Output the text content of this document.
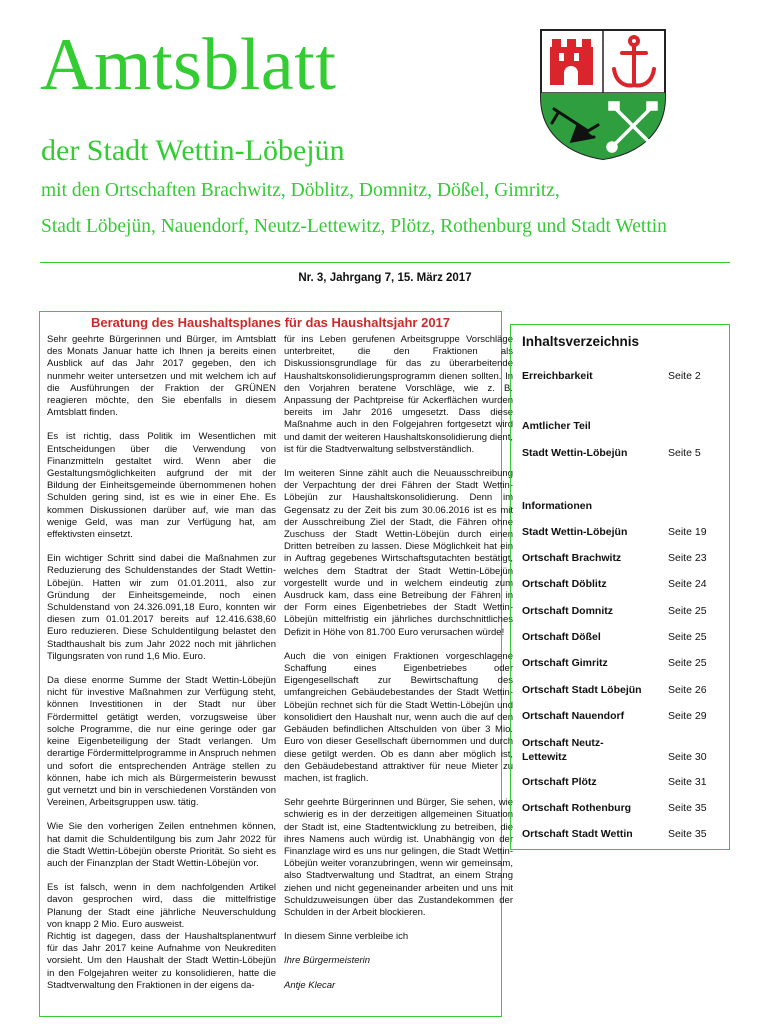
Amtsblatt
der Stadt Wettin-Löbejün
mit den Ortschaften Brachwitz, Döblitz, Domnitz, Dößel, Gimritz,
Stadt Löbejün, Nauendorf, Neutz-Lettewitz, Plötz, Rothenburg und Stadt Wettin
Nr. 3, Jahrgang 7, 15. März 2017
Beratung des Haushaltsplanes für das Haushaltsjahr 2017

Sehr geehrte Bürgerinnen und Bürger, im Amtsblatt des Monats Januar hatte ich Ihnen ja bereits einen Ausblick auf das Jahr 2017 gegeben, den ich nunmehr weiter untersetzen und mit welchem ich auf die Ausführungen der Fraktion der GRÜNEN reagieren möchte, den Sie ebenfalls in diesem Amtsblatt finden.

Es ist richtig, dass Politik im Wesentlichen mit Entscheidungen über die Verwendung von Finanzmitteln gestaltet wird. Wenn aber die Gestaltungsmöglichkeiten aufgrund der mit der Bildung der Einheitsgemeinde übernommenen hohen Schulden gering sind, ist es wie in einer Ehe. Es kommen Diskussionen darüber auf, wie man das wenige Geld, was man zur Verfügung hat, am effektivsten einsetzt.

Ein wichtiger Schritt sind dabei die Maßnahmen zur Reduzierung des Schuldenstandes der Stadt Wettin-Löbejün. Hatten wir zum 01.01.2011, also zur Gründung der Einheitsgemeinde, noch einen Schuldenstand von 24.326.091,18 Euro, konnten wir diesen zum 01.01.2017 bereits auf 12.416.638,60 Euro reduzieren. Diese Schuldentilgung belastet den Stadthaushalt bis zum Jahr 2022 noch mit jährlichen Tilgungsraten von rund 1,6 Mio. Euro.

Da diese enorme Summe der Stadt Wettin-Löbejün nicht für investive Maßnahmen zur Verfügung steht, können Investitionen in der Stadt nur über Fördermittel getätigt werden, vorzugsweise über solche Programme, die nur eine geringe oder gar keine Eigenbeteiligung der Stadt verlangen. Um derartige Fördermittelprogramme in Anspruch nehmen und sofort die entsprechenden Anträge stellen zu können, habe ich mich als Bürgermeisterin bewusst gut vernetzt und bin in verschiedenen Vorständen von Vereinen, Arbeitsgruppen usw. tätig.

Wie Sie den vorherigen Zeilen entnehmen können, hat damit die Schuldentilgung bis zum Jahr 2022 für die Stadt Wettin-Löbejün oberste Priorität. So sieht es auch der Finanzplan der Stadt Wettin-Löbejün vor.

Es ist falsch, wenn in dem nachfolgenden Artikel davon gesprochen wird, dass die mittelfristige Planung der Stadt eine jährliche Neuverschuldung von knapp 2 Mio. Euro ausweist.

Richtig ist dagegen, dass der Haushaltsplanentwurf für das Jahr 2017 keine Aufnahme von Neukrediten vorsieht. Um den Haushalt der Stadt Wettin-Löbejün in den Folgejahren weiter zu konsolidieren, hatte die Stadtverwaltung den Fraktionen in der eigens da-

für ins Leben gerufenen Arbeitsgruppe Vorschläge unterbreitet, die den Fraktionen als Diskussionsgrundlage für das zu überarbeitende Haushaltskonsolidierungsprogramm dienen sollten. In den Vorjahren beratene Vorschläge, wie z. B. Anpassung der Pachtpreise für Ackerflächen wurden bereits im Jahr 2016 umgesetzt. Dass diese Maßnahme auch in den Folgejahren fortgesetzt wird und damit der weiteren Haushaltskonsolidierung dient, ist für die Stadtverwaltung selbstverständlich.

Im weiteren Sinne zählt auch die Neuausschreibung der Verpachtung der drei Fähren der Stadt Wettin-Löbejün zur Haushaltskonsolidierung. Denn im Gegensatz zu der Zeit bis zum 30.06.2016 ist es mit der Ausschreibung Ziel der Stadt, die Fähren ohne Zuschuss der Stadt Wettin-Löbejün durch einen Dritten betreiben zu lassen. Diese Möglichkeit hat ein in Auftrag gegebenes Wirtschaftsgutachten bestätigt, welches dem Stadtrat der Stadt Wettin-Löbejün vorgestellt wurde und in welchem eindeutig zum Ausdruck kam, dass eine Betreibung der Fähren in der Form eines Eigenbetriebes der Stadt Wettin-Löbejün mittelfristig ein jährliches durchschnittliches Defizit in Höhe von 81.700 Euro verursachen würde!

Auch die von einigen Fraktionen vorgeschlagene Schaffung eines Eigenbetriebes oder Eigengesellschaft zur Bewirtschaftung des umfangreichen Gebäudebestandes der Stadt Wettin-Löbejün rechnet sich für die Stadt Wettin-Löbejün und konsolidiert den Haushalt nur, wenn auch die auf den Gebäuden befindlichen Altschulden von über 3 Mio. Euro von dieser Gesellschaft übernommen und durch diese getilgt werden. Ob es dann aber möglich ist, den Gebäudebestand attraktiver für neue Mieter zu machen, ist fraglich.

Sehr geehrte Bürgerinnen und Bürger, Sie sehen, wie schwierig es in der derzeitigen allgemeinen Situation der Stadt ist, eine Stadtentwicklung zu betreiben, die ihres Namens auch würdig ist. Unabhängig von der Finanzlage wird es uns nur gelingen, die Stadt Wettin-Löbejün weiter voranzubringen, wenn wir gemeinsam, also Stadtverwaltung und Stadtrat, an einem Strang ziehen und nicht gegeneinander arbeiten und uns mit Schuldzuweisungen über das Zustandekommen der Schulden in der Arbeit blockieren.

In diesem Sinne verbleibe ich

Ihre Bürgermeisterin

Antje Klecar

Inhaltsverzeichnis
Erreichbarkeit	Seite 2
Amtlicher Teil
Stadt Wettin-Löbejün	Seite 5
Informationen
Stadt Wettin-Löbejün	Seite 19
Ortschaft Brachwitz	Seite 23
Ortschaft Döblitz	Seite 24
Ortschaft Domnitz	Seite 25
Ortschaft Dößel	Seite 25
Ortschaft Gimritz	Seite 25
Ortschaft Stadt Löbejün	Seite 26
Ortschaft Nauendorf	Seite 29
Ortschaft Neutz-Lettewitz	Seite 30
Ortschaft Plötz	Seite 31
Ortschaft Rothenburg	Seite 35
Ortschaft Stadt Wettin	Seite 35
